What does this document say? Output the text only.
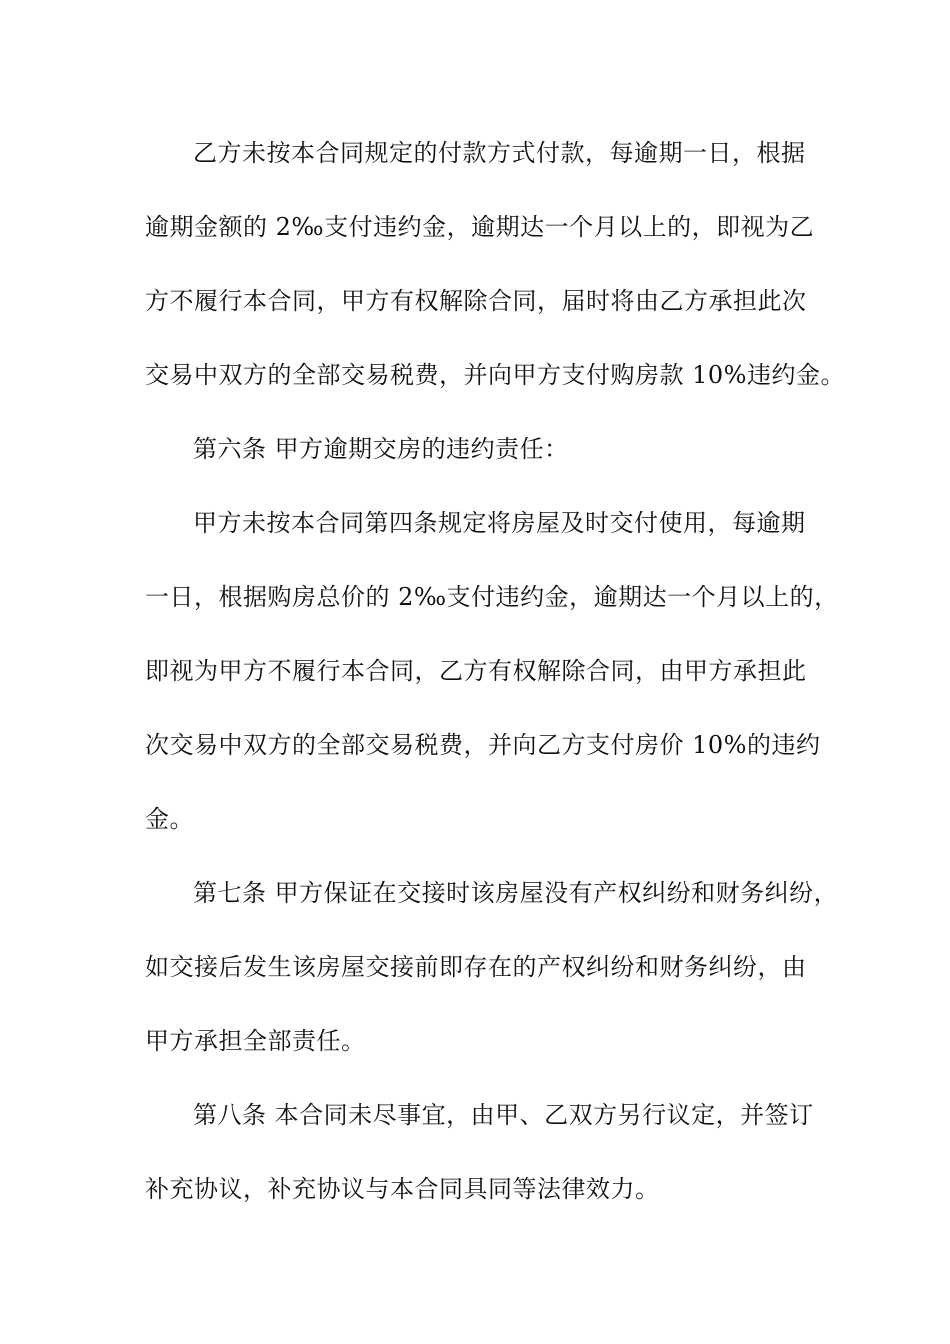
乙方未按本合同规定的付款方式付款，每逾期一日，根据
逾期金额的 2‰支付违约金，逾期达一个月以上的，即视为乙
方不履行本合同，甲方有权解除合同，届时将由乙方承担此次
交易中双方的全部交易税费，并向甲方支付购房款 10%违约金。
第六条 甲方逾期交房的违约责任：
甲方未按本合同第四条规定将房屋及时交付使用，每逾期
一日，根据购房总价的 2‰支付违约金，逾期达一个月以上的，
即视为甲方不履行本合同，乙方有权解除合同，由甲方承担此
次交易中双方的全部交易税费，并向乙方支付房价 10%的违约
金。
第七条 甲方保证在交接时该房屋没有产权纠纷和财务纠纷，
如交接后发生该房屋交接前即存在的产权纠纷和财务纠纷，由
甲方承担全部责任。
第八条 本合同未尽事宜，由甲、乙双方另行议定，并签订
补充协议，补充协议与本合同具同等法律效力。
